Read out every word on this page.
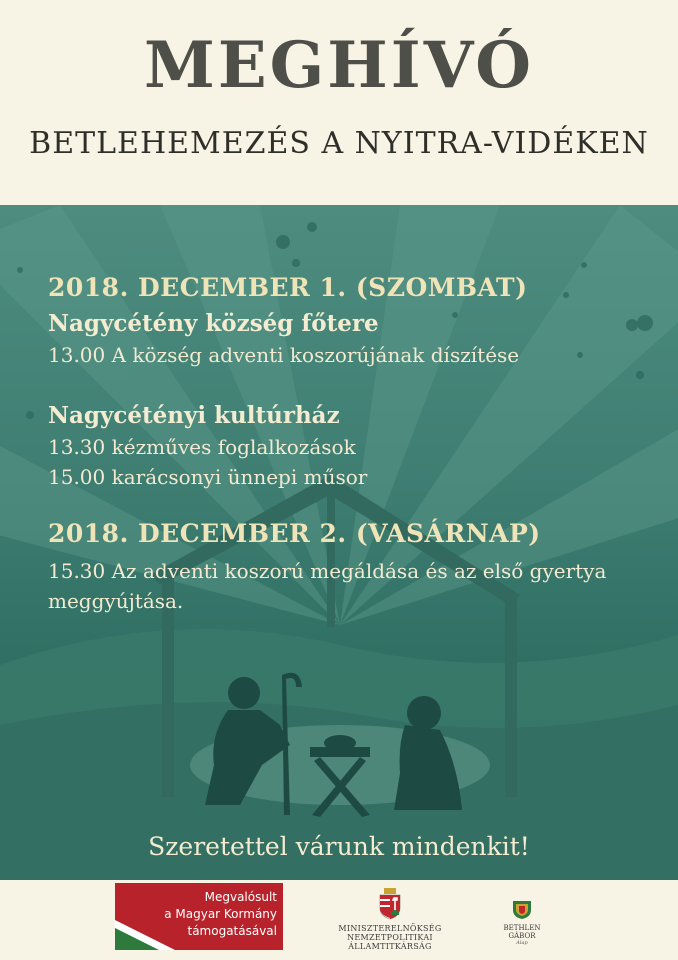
MEGHÍVÓ
BETLEHEMEZÉS A NYITRA-VIDÉKEN

2018. DECEMBER 1. (SZOMBAT)

Nagycétény község főtere

13.00 A község adventi koszorújának díszítése

Nagycétényi kultúrház

13.30 kézműves foglalkozások

15.00 karácsonyi ünnepi műsor

2018. DECEMBER 2. (VASÁRNAP)

15.30 Az adventi koszorú megáldása és az első gyertya

meggyújtása.

Szeretettel várunk mindenkit!
Megvalósult
a Magyar Kormány
támogatásával	MINISZTERELNÖKSÉG
NEMZETPOLITIKAI ÁLLAMTITKÁRSÁG
BETHLEN GÁBOR
Alap
